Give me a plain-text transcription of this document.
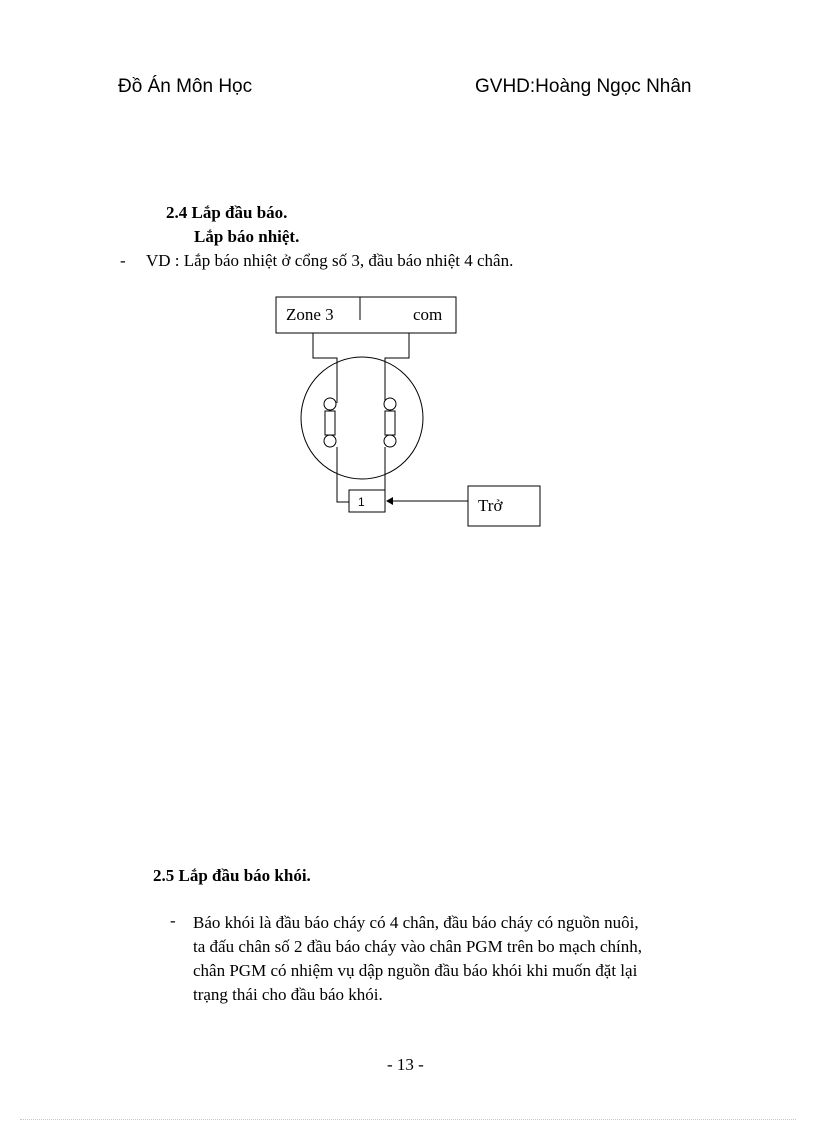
Đồ Án Môn Học	GVHD:Hoàng Ngọc Nhân
2.4 Lắp đầu báo.
Lắp báo nhiệt.
- VD : Lắp báo nhiệt ở cổng số 3, đầu báo nhiệt 4 chân.
Zone 3	com
1	Trở
2.5 Lắp đầu báo khói.
- Báo khói là đầu báo cháy có 4 chân, đầu báo cháy có nguồn nuôi,
ta đấu chân số 2 đầu báo cháy vào chân PGM trên bo mạch chính,
chân PGM có nhiệm vụ dập nguồn đầu báo khói khi muốn đặt lại
trạng thái cho đầu báo khói.
- 13 -
